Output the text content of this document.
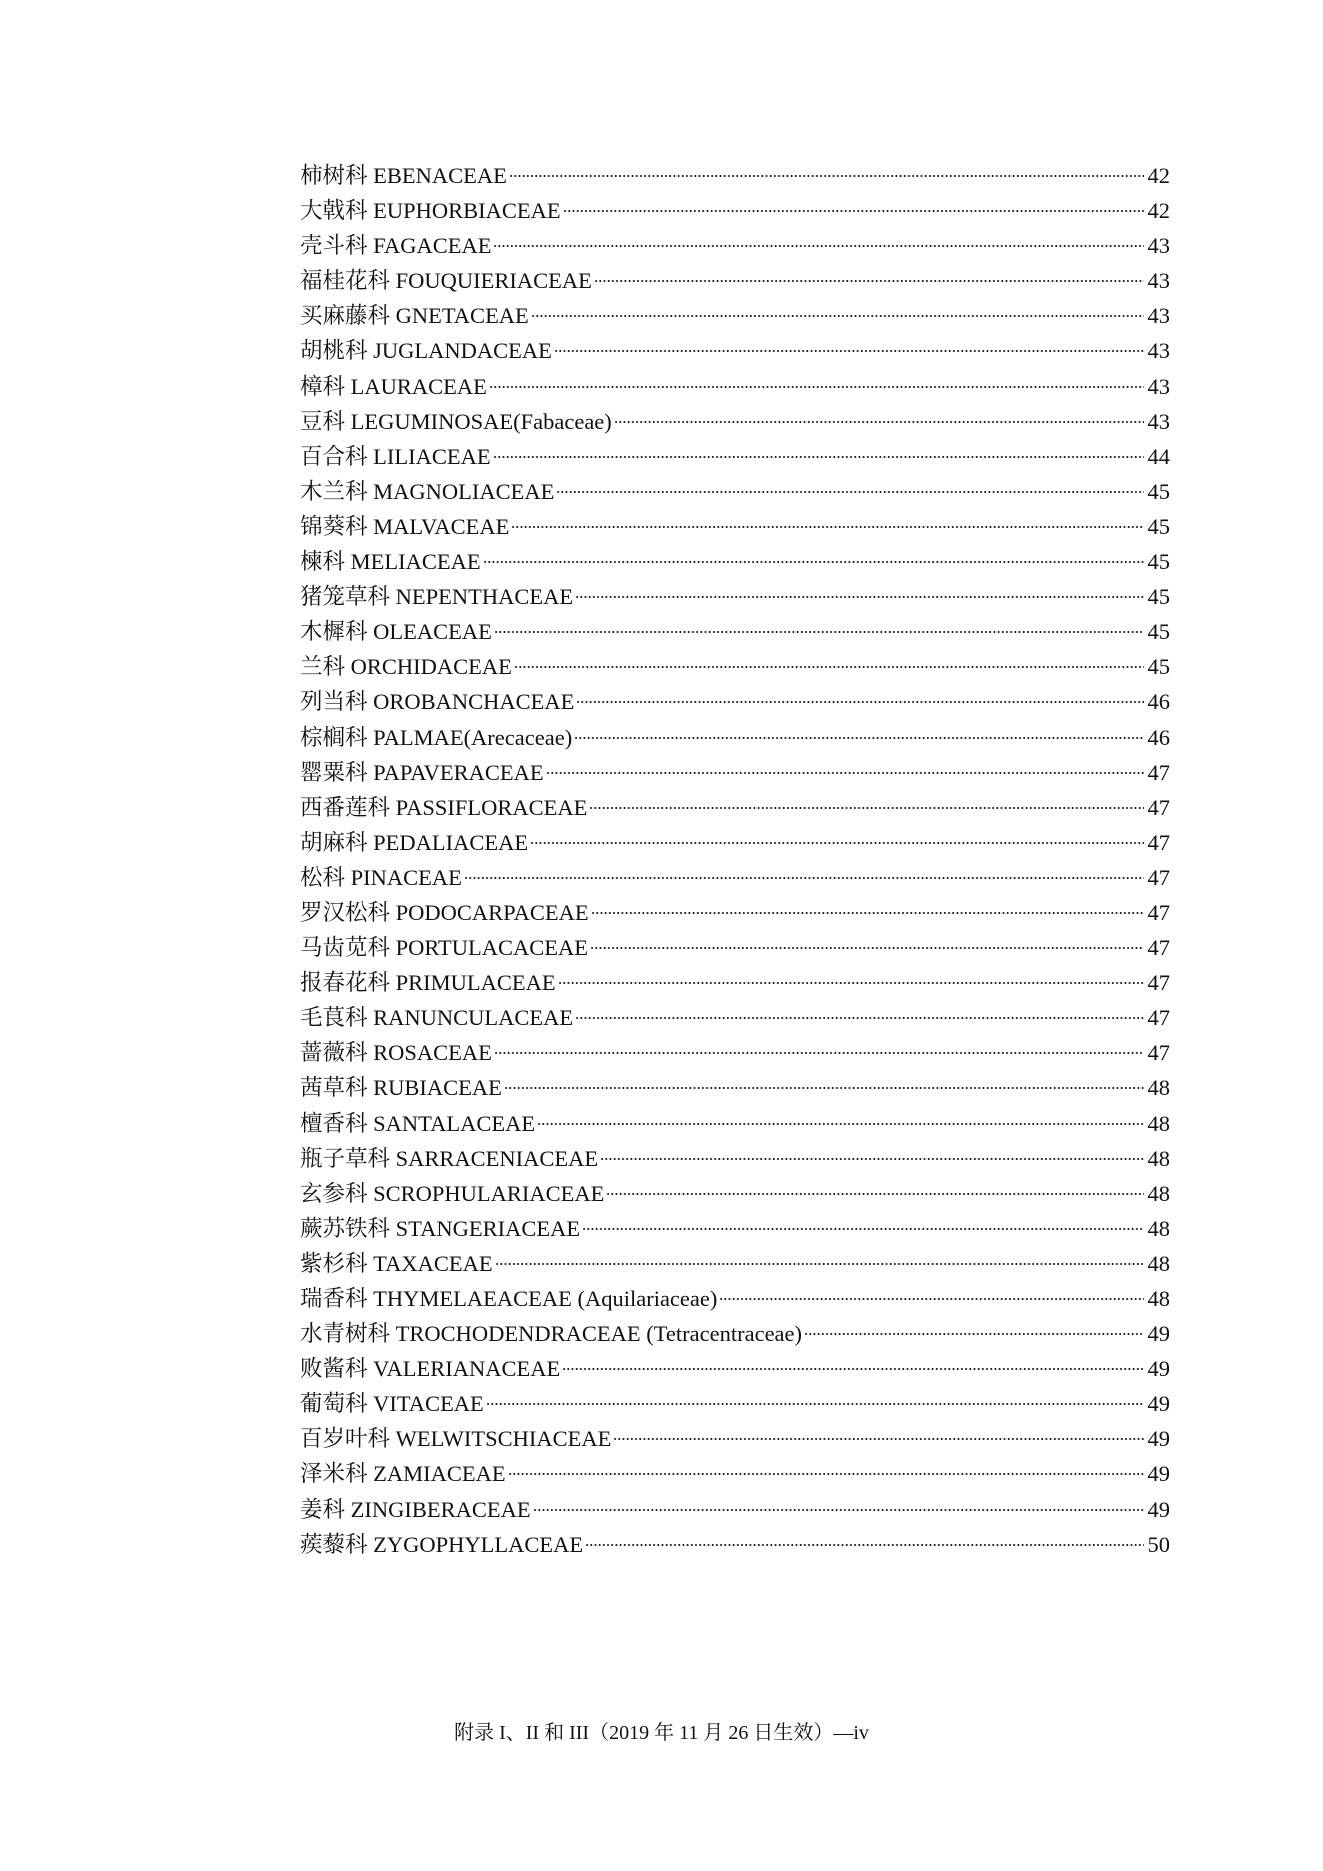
柿树科 EBENACEAE	42
大戟科 EUPHORBIACEAE	42
壳斗科 FAGACEAE	43
福桂花科 FOUQUIERIACEAE	43
买麻藤科 GNETACEAE	43
胡桃科 JUGLANDACEAE	43
樟科 LAURACEAE	43
豆科 LEGUMINOSAE(Fabaceae)	43
百合科 LILIACEAE	44
木兰科 MAGNOLIACEAE	45
锦葵科 MALVACEAE	45
楝科 MELIACEAE	45
猪笼草科 NEPENTHACEAE	45
木樨科 OLEACEAE	45
兰科 ORCHIDACEAE	45
列当科 OROBANCHACEAE	46
棕榈科 PALMAE(Arecaceae)	46
罂粟科 PAPAVERACEAE	47
西番莲科 PASSIFLORACEAE	47
胡麻科 PEDALIACEAE	47
松科 PINACEAE	47
罗汉松科 PODOCARPACEAE	47
马齿苋科 PORTULACACEAE	47
报春花科 PRIMULACEAE	47
毛茛科 RANUNCULACEAE	47
蔷薇科 ROSACEAE	47
茜草科 RUBIACEAE	48
檀香科 SANTALACEAE	48
瓶子草科 SARRACENIACEAE	48
玄参科 SCROPHULARIACEAE	48
蕨苏铁科 STANGERIACEAE	48
紫杉科 TAXACEAE	48
瑞香科 THYMELAEACEAE (Aquilariaceae)	48
水青树科 TROCHODENDRACEAE (Tetracentraceae)	49
败酱科 VALERIANACEAE	49
葡萄科 VITACEAE	49
百岁叶科 WELWITSCHIACEAE	49
泽米科 ZAMIACEAE	49
姜科 ZINGIBERACEAE	49
蒺藜科 ZYGOPHYLLACEAE	50
附录 I、II 和 III（2019 年 11 月 26 日生效）—iv
